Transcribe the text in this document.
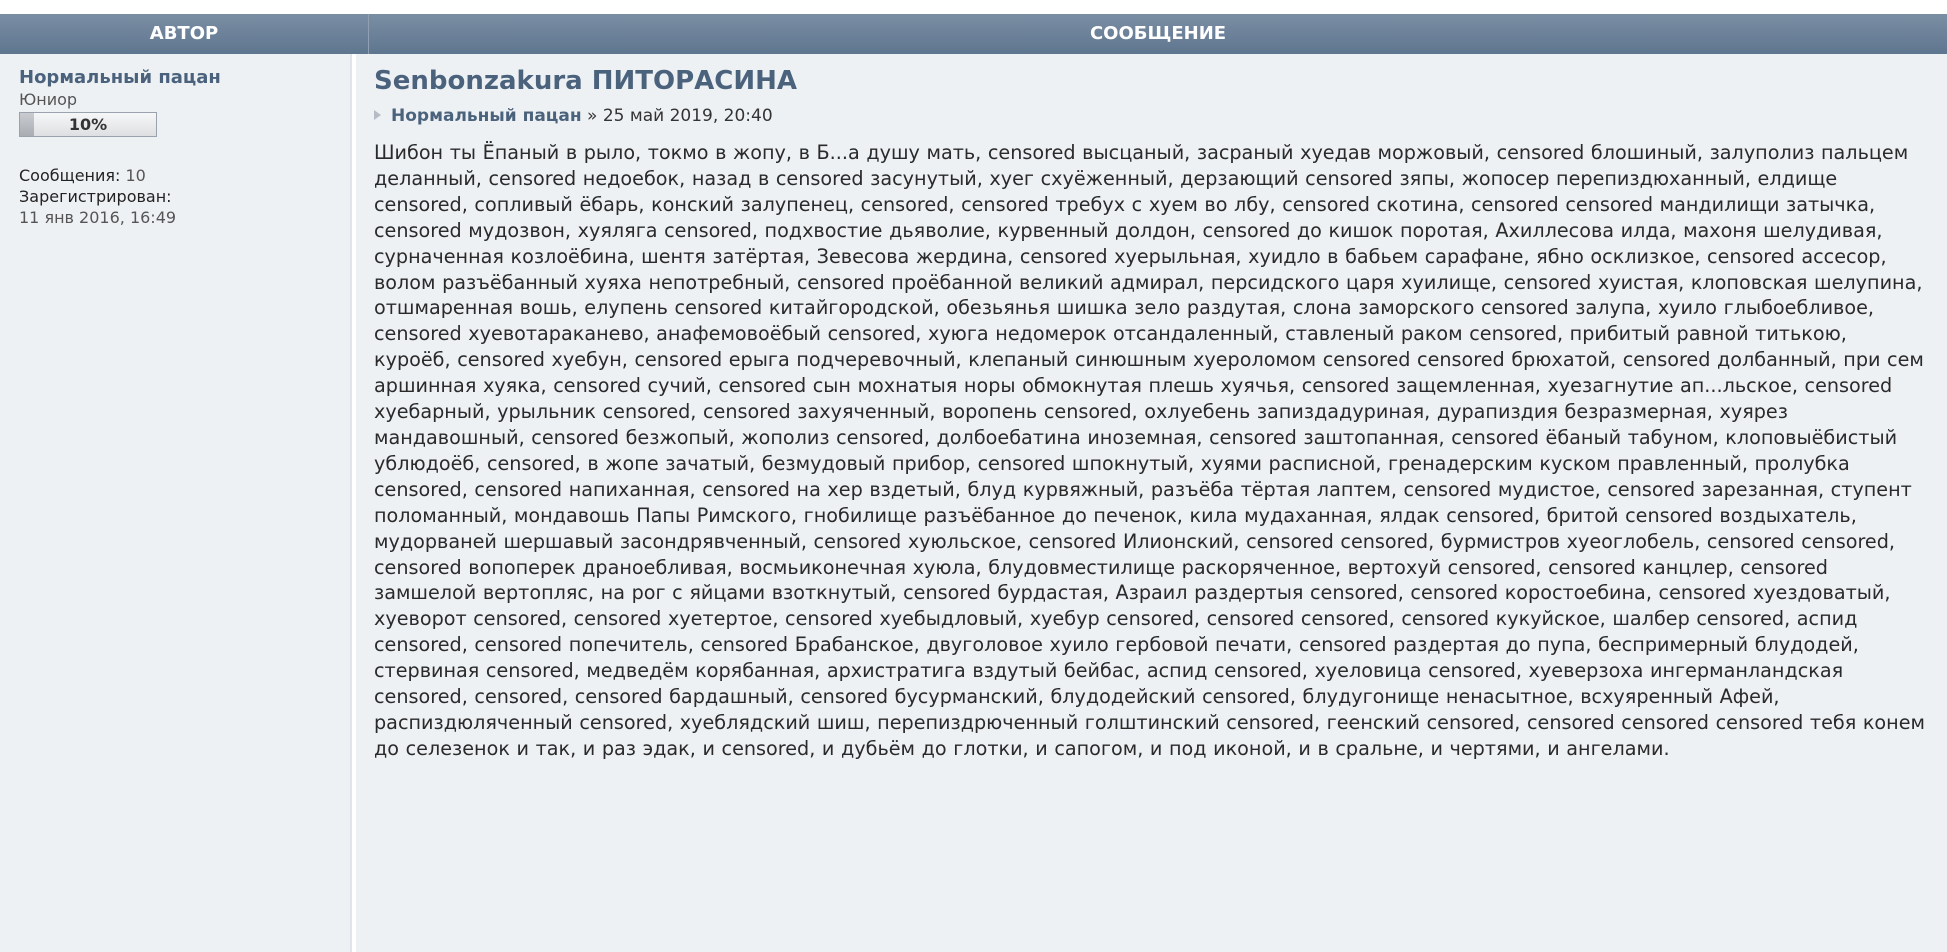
АВТОР	СООБЩЕНИЕ
Нормальный пацан
Юниор
10%
Сообщения: 10
Зарегистрирован:
11 янв 2016, 16:49
Senbonzakura ПИТОРАСИНА
Нормальный пацан » 25 май 2019, 20:40
Шибон ты Ёпаный в рыло, токмо в жопу, в Б...а душу мать, censored высцаный, засраный хуедав моржовый, censored блошиный, залуполиз пальцем деланный, censored недоебок, назад в censored засунутый, хуег схуёженный, дерзающий censored зяпы, жопосер перепиздюханный, елдище censored, сопливый ёбарь, конский залупенец, censored, censored требух с хуем во лбу, censored скотина, censored censored мандилищи затычка, censored мудозвон, хуяляга censored, подхвостие дьяволие, курвенный долдон, censored до кишок поротая, Ахиллесова илда, махоня шелудивая, сурначенная козлоёбина, шентя затёртая, Зевесова жердина, censored хуерыльная, хуидло в бабьем сарафане, ябно осклизкое, censored ассесор, волом разъёбанный хуяха непотребный, censored проёбанной великий адмирал, персидского царя хуилище, censored хуистая, клоповская шелупина, отшмаренная вошь, елупень censored китайгородской, обезьянья шишка зело раздутая, слона заморского censored залупа, хуило глыбоебливое, censored хуевотараканево, анафемовоёбый censored, хуюга недомерок отсандаленный, ставленый раком censored, прибитый равной титькою, куроёб, censored хуебун, censored ерыга подчеревочный, клепаный синюшным хуероломом censored censored брюхатой, censored долбанный, при сем аршинная хуяка, censored сучий, censored сын мохнатыя норы обмокнутая плешь хуячья, censored защемленная, хуезагнутие ап...льское, censored хуебарный, урыльник censored, censored захуяченный, воропень censored, охлуебень запиздадуриная, дурапиздия безразмерная, хуярез мандавошный, censored безжопый, жополиз censored, долбоебатина иноземная, censored заштопанная, censored ёбаный табуном, клоповыёбистый ублюдоёб, censored, в жопе зачатый, безмудовый прибор, censored шпокнутый, хуями расписной, гренадерским куском правленный, пролубка censored, censored напиханная, censored на хер вздетый, блуд курвяжный, разъёба тёртая лаптем, censored мудистое, censored зарезанная, ступент поломанный, мондавошь Папы Римского, гнобилище разъёбанное до печенок, кила мудаханная, ялдак censored, бритой censored воздыхатель, мудорваней шершавый засондрявченный, censored хуюльское, censored Илионский, censored censored, бурмистров хуеоглобель, censored censored, censored вопоперек драноебливая, восмьиконечная хуюла, блудовместилище раскоряченное, вертохуй censored, censored канцлер, censored замшелой вертопляс, на рог с яйцами взоткнутый, censored бурдастая, Азраил раздертыя censored, censored коростоебина, censored хуездоватый, хуеворот censored, censored хуетертое, censored хуебыдловый, хуебур censored, censored censored, censored кукуйское, шалбер censored, аспид censored, censored попечитель, censored Брабанское, двуголовое хуило гербовой печати, censored раздертая до пупа, беспримерный блудодей, стервиная censored, медведём корябанная, архистратига вздутый бейбас, аспид censored, хуеловица censored, хуеверзоха ингерманландская censored, censored, censored бардашный, censored бусурманский, блудодейский censored, блудугонище ненасытное, всхуяренный Афей, распиздюляченный censored, хуеблядский шиш, перепиздрюченный голштинский censored, геенский censored, censored censored censored тебя конем до селезенок и так, и раз эдак, и censored, и дубьём до глотки, и сапогом, и под иконой, и в сральне, и чертями, и ангелами.
